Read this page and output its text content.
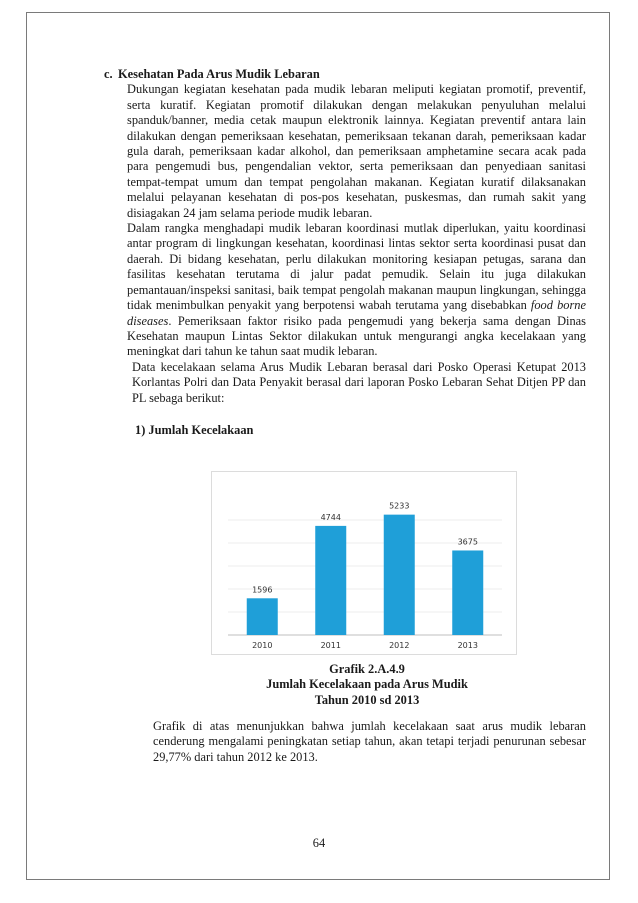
c. Kesehatan Pada Arus Mudik Lebaran

Dukungan kegiatan kesehatan pada mudik lebaran meliputi kegiatan promotif, preventif, serta kuratif. Kegiatan promotif dilakukan dengan melakukan penyuluhan melalui spanduk/banner, media cetak maupun elektronik lainnya. Kegiatan preventif antara lain dilakukan dengan pemeriksaan kesehatan, pemeriksaan tekanan darah, pemeriksaan kadar gula darah, pemeriksaan kadar alkohol, dan pemeriksaan amphetamine secara acak pada para pengemudi bus, pengendalian vektor, serta pemeriksaan dan penyediaan sanitasi tempat-tempat umum dan tempat pengolahan makanan. Kegiatan kuratif dilaksanakan melalui pelayanan kesehatan di pos-pos kesehatan, puskesmas, dan rumah sakit yang disiagakan 24 jam selama periode mudik lebaran.

Dalam rangka menghadapi mudik lebaran koordinasi mutlak diperlukan, yaitu koordinasi antar program di lingkungan kesehatan, koordinasi lintas sektor serta koordinasi pusat dan daerah. Di bidang kesehatan, perlu dilakukan monitoring kesiapan petugas, sarana dan fasilitas kesehatan terutama di jalur padat pemudik. Selain itu juga dilakukan pemantauan/inspeksi sanitasi, baik tempat pengolah makanan maupun lingkungan, sehingga tidak menimbulkan penyakit yang berpotensi wabah terutama yang disebabkan food borne diseases. Pemeriksaan faktor risiko pada pengemudi yang bekerja sama dengan Dinas Kesehatan maupun Lintas Sektor dilakukan untuk mengurangi angka kecelakaan yang meningkat dari tahun ke tahun saat mudik lebaran.

Data kecelakaan selama Arus Mudik Lebaran berasal dari Posko Operasi Ketupat 2013 Korlantas Polri dan Data Penyakit berasal dari laporan Posko Lebaran Sehat Ditjen PP dan PL sebaga berikut:

1) Jumlah Kecelakaan

1596
2010
4744
2011
5233
2012
3675
2013
Grafik 2.A.4.9
Jumlah Kecelakaan pada Arus Mudik
Tahun 2010 sd 2013

Grafik di atas menunjukkan bahwa jumlah kecelakaan saat arus mudik lebaran cenderung mengalami peningkatan setiap tahun, akan tetapi terjadi penurunan sebesar 29,77% dari tahun 2012 ke 2013.

64
